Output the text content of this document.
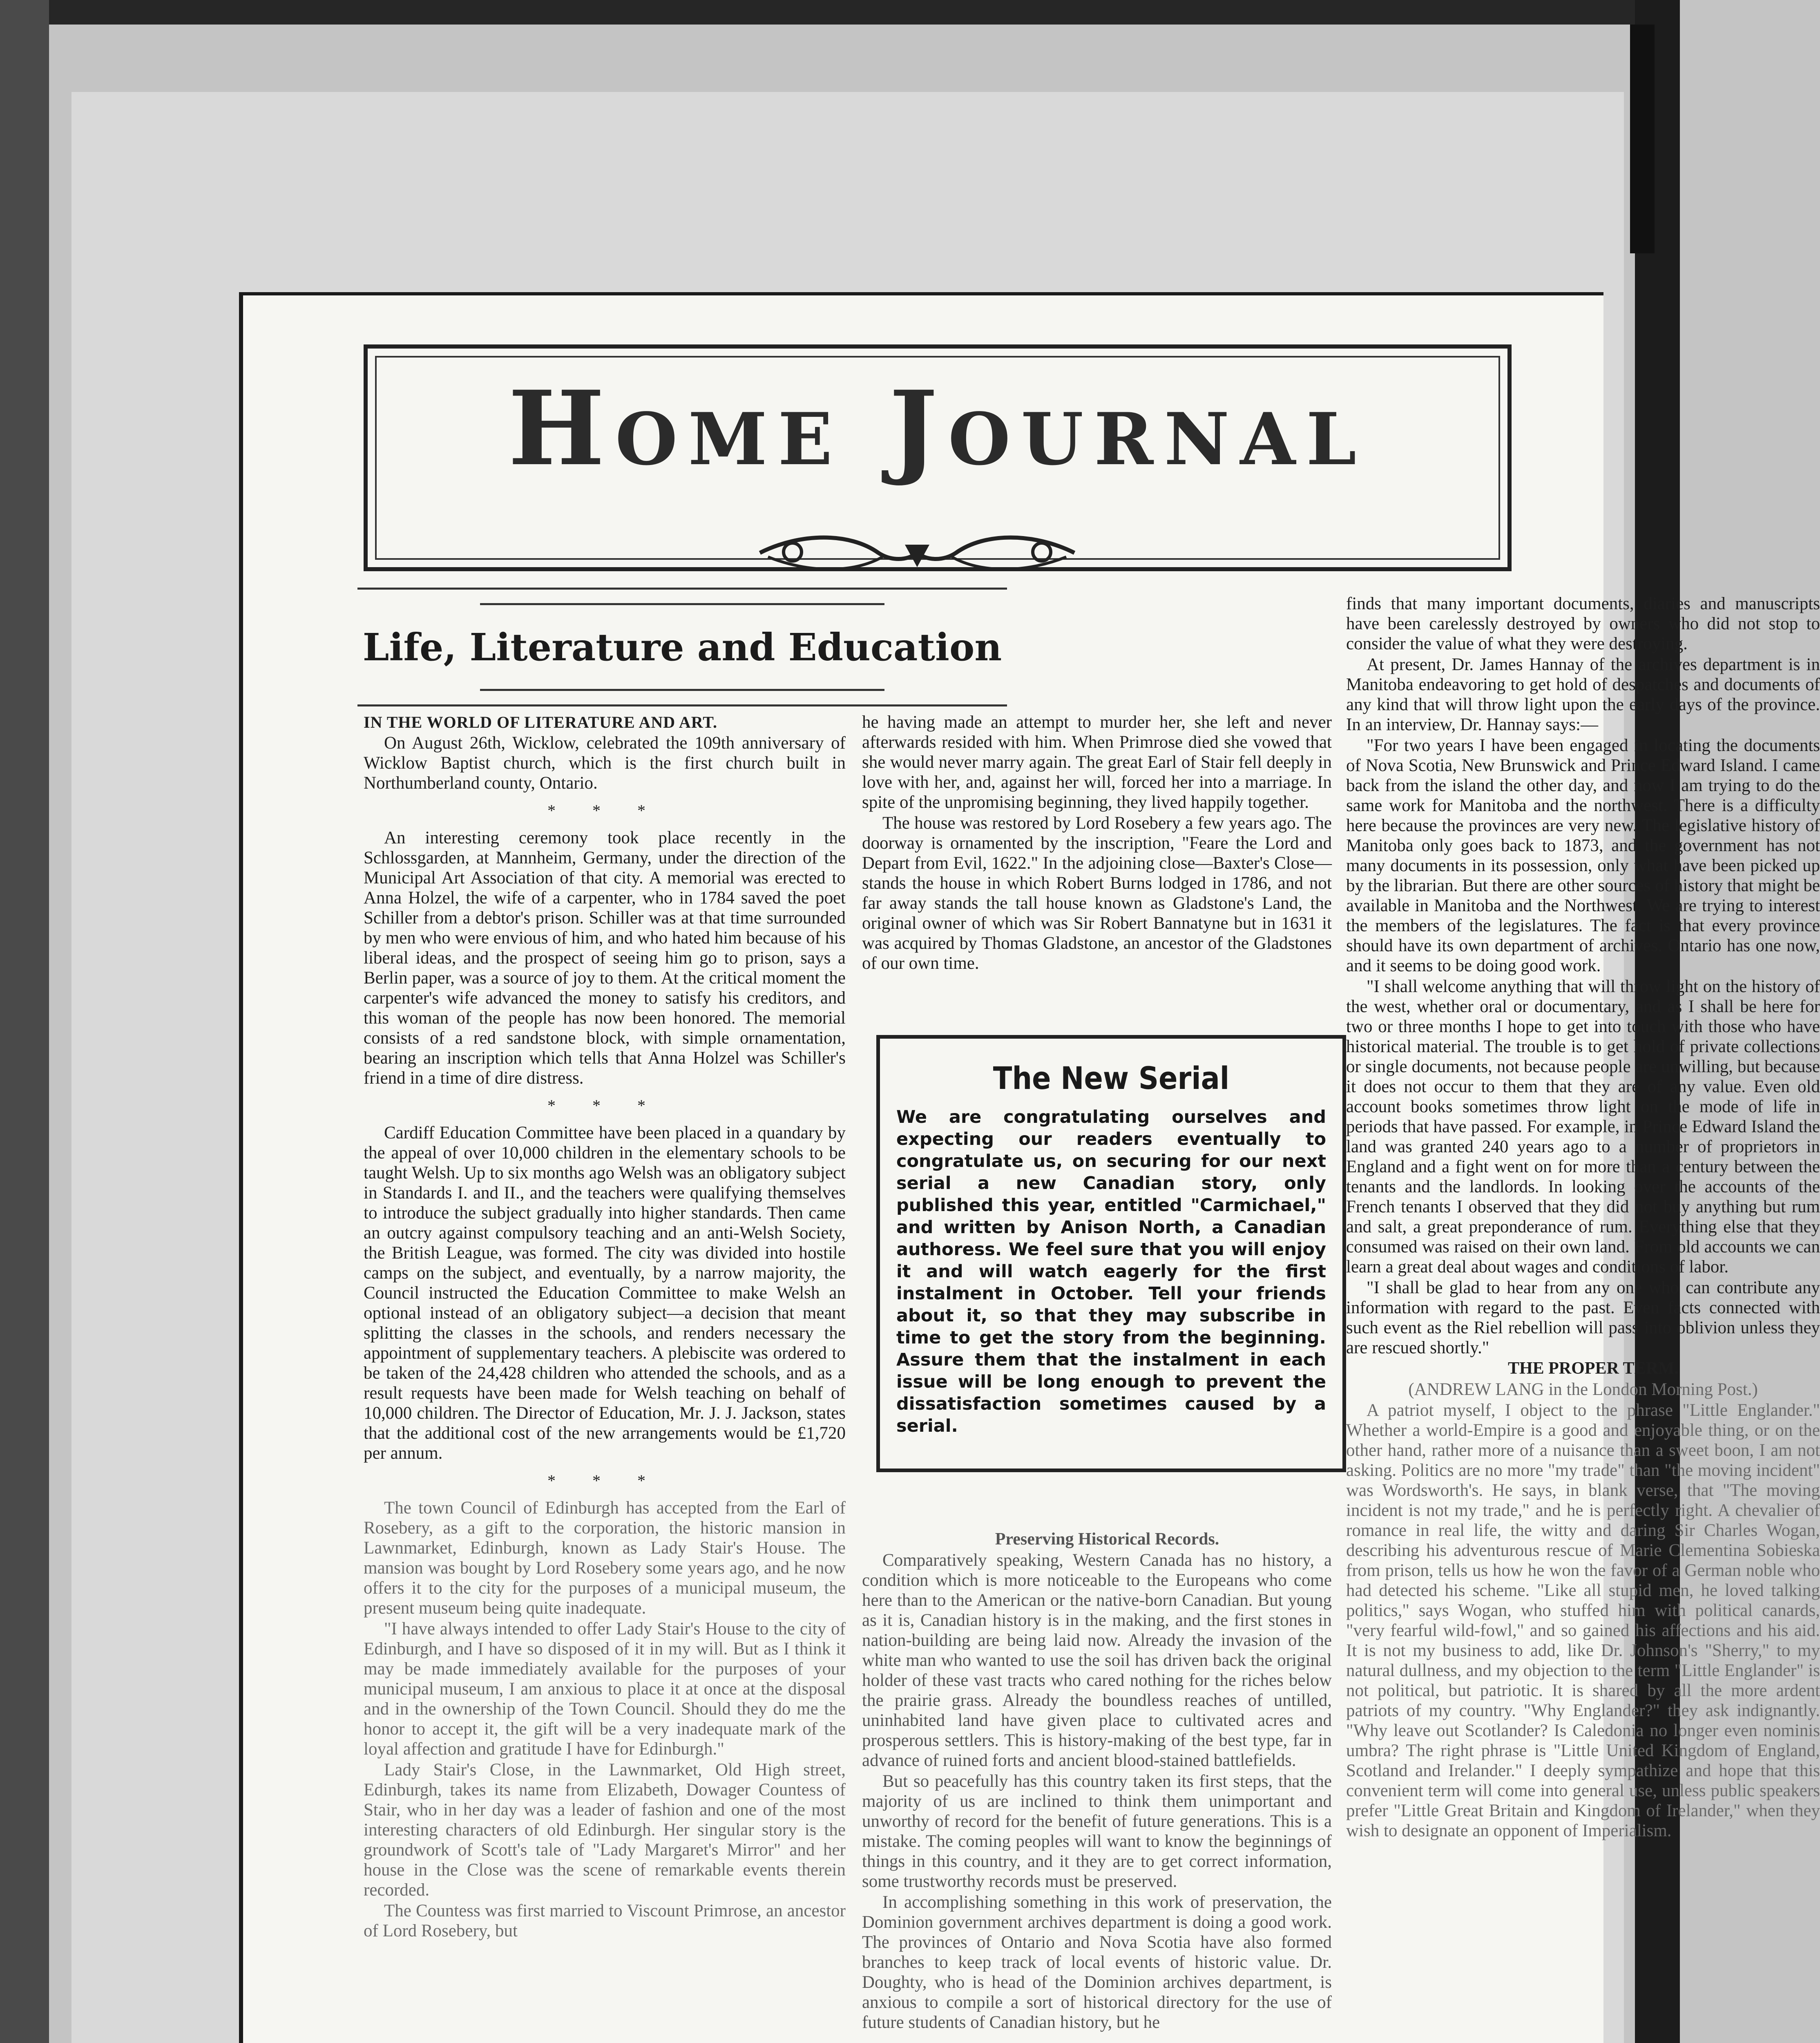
Home Journal
Life, Literature and Education

IN THE WORLD OF LITERATURE AND ART.

On August 26th, Wicklow, celebrated the 109th anniversary of Wicklow Baptist church, which is the first church built in Northumberland county, Ontario.

* * *

An interesting ceremony took place recently in the Schlossgarden, at Mannheim, Germany, under the direction of the Municipal Art Association of that city. A memorial was erected to Anna Holzel, the wife of a carpenter, who in 1784 saved the poet Schiller from a debtor's prison. Schiller was at that time surrounded by men who were envious of him, and who hated him because of his liberal ideas, and the prospect of seeing him go to prison, says a Berlin paper, was a source of joy to them. At the critical moment the carpenter's wife advanced the money to satisfy his creditors, and this woman of the people has now been honored. The memorial consists of a red sandstone block, with simple ornamentation, bearing an inscription which tells that Anna Holzel was Schiller's friend in a time of dire distress.

* * *

Cardiff Education Committee have been placed in a quandary by the appeal of over 10,000 children in the elementary schools to be taught Welsh. Up to six months ago Welsh was an obligatory subject in Standards I. and II., and the teachers were qualifying themselves to introduce the subject gradually into higher standards. Then came an outcry against compulsory teaching and an anti-Welsh Society, the British League, was formed. The city was divided into hostile camps on the subject, and eventually, by a narrow majority, the Council instructed the Education Committee to make Welsh an optional instead of an obligatory subject—a decision that meant splitting the classes in the schools, and renders necessary the appointment of supplementary teachers. A plebiscite was ordered to be taken of the 24,428 children who attended the schools, and as a result requests have been made for Welsh teaching on behalf of 10,000 children. The Director of Education, Mr. J. J. Jackson, states that the additional cost of the new arrangements would be £1,720 per annum.

* * *

The town Council of Edinburgh has accepted from the Earl of Rosebery, as a gift to the corporation, the historic mansion in Lawnmarket, Edinburgh, known as Lady Stair's House. The mansion was bought by Lord Rosebery some years ago, and he now offers it to the city for the purposes of a municipal museum, the present museum being quite inadequate.

"I have always intended to offer Lady Stair's House to the city of Edinburgh, and I have so disposed of it in my will. But as I think it may be made immediately available for the purposes of your municipal museum, I am anxious to place it at once at the disposal and in the ownership of the Town Council. Should they do me the honor to accept it, the gift will be a very inadequate mark of the loyal affection and gratitude I have for Edinburgh."

Lady Stair's Close, in the Lawnmarket, Old High street, Edinburgh, takes its name from Elizabeth, Dowager Countess of Stair, who in her day was a leader of fashion and one of the most interesting characters of old Edinburgh. Her singular story is the groundwork of Scott's tale of "Lady Margaret's Mirror" and her house in the Close was the scene of remarkable events therein recorded.

The Countess was first married to Viscount Primrose, an ancestor of Lord Rosebery, but

he having made an attempt to murder her, she left and never afterwards resided with him. When Primrose died she vowed that she would never marry again. The great Earl of Stair fell deeply in love with her, and, against her will, forced her into a marriage. In spite of the unpromising beginning, they lived happily together.

The house was restored by Lord Rosebery a few years ago. The doorway is ornamented by the inscription, "Feare the Lord and Depart from Evil, 1622." In the adjoining close—Baxter's Close—stands the house in which Robert Burns lodged in 1786, and not far away stands the tall house known as Gladstone's Land, the original owner of which was Sir Robert Bannatyne but in 1631 it was acquired by Thomas Gladstone, an ancestor of the Gladstones of our own time.

The New Serial
We are congratulating ourselves and expecting our readers eventually to congratulate us, on securing for our next serial a new Canadian story, only published this year, entitled "Carmichael," and written by Anison North, a Canadian authoress. We feel sure that you will enjoy it and will watch eagerly for the first instalment in October. Tell your friends about it, so that they may subscribe in time to get the story from the beginning. Assure them that the instalment in each issue will be long enough to prevent the dissatisfaction sometimes caused by a serial.

Preserving Historical Records.

Comparatively speaking, Western Canada has no history, a condition which is more noticeable to the Europeans who come here than to the American or the native-born Canadian. But young as it is, Canadian history is in the making, and the first stones in nation-building are being laid now. Already the invasion of the white man who wanted to use the soil has driven back the original holder of these vast tracts who cared nothing for the riches below the prairie grass. Already the boundless reaches of untilled, uninhabited land have given place to cultivated acres and prosperous settlers. This is history-making of the best type, far in advance of ruined forts and ancient blood-stained battlefields.

But so peacefully has this country taken its first steps, that the majority of us are inclined to think them unimportant and unworthy of record for the benefit of future generations. This is a mistake. The coming peoples will want to know the beginnings of things in this country, and it they are to get correct information, some trustworthy records must be preserved.

In accomplishing something in this work of preservation, the Dominion government archives department is doing a good work. The provinces of Ontario and Nova Scotia have also formed branches to keep track of local events of historic value. Dr. Doughty, who is head of the Dominion archives department, is anxious to compile a sort of historical directory for the use of future students of Canadian history, but he

finds that many important documents, diaries and manuscripts have been carelessly destroyed by owners who did not stop to consider the value of what they were destroying.

At present, Dr. James Hannay of the archives department is in Manitoba endeavoring to get hold of despatches and documents of any kind that will throw light upon the early days of the province. In an interview, Dr. Hannay says:—

"For two years I have been engaged in locating the documents of Nova Scotia, New Brunswick and Prince Edward Island. I came back from the island the other day, and now I am trying to do the same work for Manitoba and the northwest. There is a difficulty here because the provinces are very new. The legislative history of Manitoba only goes back to 1873, and the government has not many documents in its possession, only what have been picked up by the librarian. But there are other sources of history that might be available in Manitoba and the Northwest. We are trying to interest the members of the legislatures. The fact is that every province should have its own department of archives. Ontario has one now, and it seems to be doing good work.

"I shall welcome anything that will throw light on the history of the west, whether oral or documentary, and as I shall be here for two or three months I hope to get into touch with those who have historical material. The trouble is to get hold of private collections or single documents, not because people are unwilling, but because it does not occur to them that they are of any value. Even old account books sometimes throw light on the mode of life in periods that have passed. For example, in Prince Edward Island the land was granted 240 years ago to a number of proprietors in England and a fight went on for more than a century between the tenants and the landlords. In looking over the accounts of the French tenants I observed that they did not buy anything but rum and salt, a great preponderance of rum. Everything else that they consumed was raised on their own land. From old accounts we can learn a great deal about wages and conditions of labor.

"I shall be glad to hear from any one who can contribute any information with regard to the past. Even facts connected with such event as the Riel rebellion will pass into oblivion unless they are rescued shortly."

THE PROPER TERM.

(ANDREW LANG in the London Morning Post.)

A patriot myself, I object to the phrase "Little Englander." Whether a world-Empire is a good and enjoyable thing, or on the other hand, rather more of a nuisance than a sweet boon, I am not asking. Politics are no more "my trade" than "the moving incident" was Wordsworth's. He says, in blank verse, that "The moving incident is not my trade," and he is perfectly right. A chevalier of romance in real life, the witty and daring Sir Charles Wogan, describing his adventurous rescue of Marie Clementina Sobieska from prison, tells us how he won the favor of a German noble who had detected his scheme. "Like all stupid men, he loved talking politics," says Wogan, who stuffed him with political canards, "very fearful wild-fowl," and so gained his affections and his aid. It is not my business to add, like Dr. Johnson's "Sherry," to my natural dullness, and my objection to the term "Little Englander" is not political, but patriotic. It is shared by all the more ardent patriots of my country. "Why Englander?" they ask indignantly. "Why leave out Scotlander? Is Caledonia no longer even nominis umbra? The right phrase is "Little United Kingdom of England, Scotland and Irelander." I deeply sympathize and hope that this convenient term will come into general use, unless public speakers prefer "Little Great Britain and Kingdom of Irelander," when they wish to designate an opponent of Imperialism.
